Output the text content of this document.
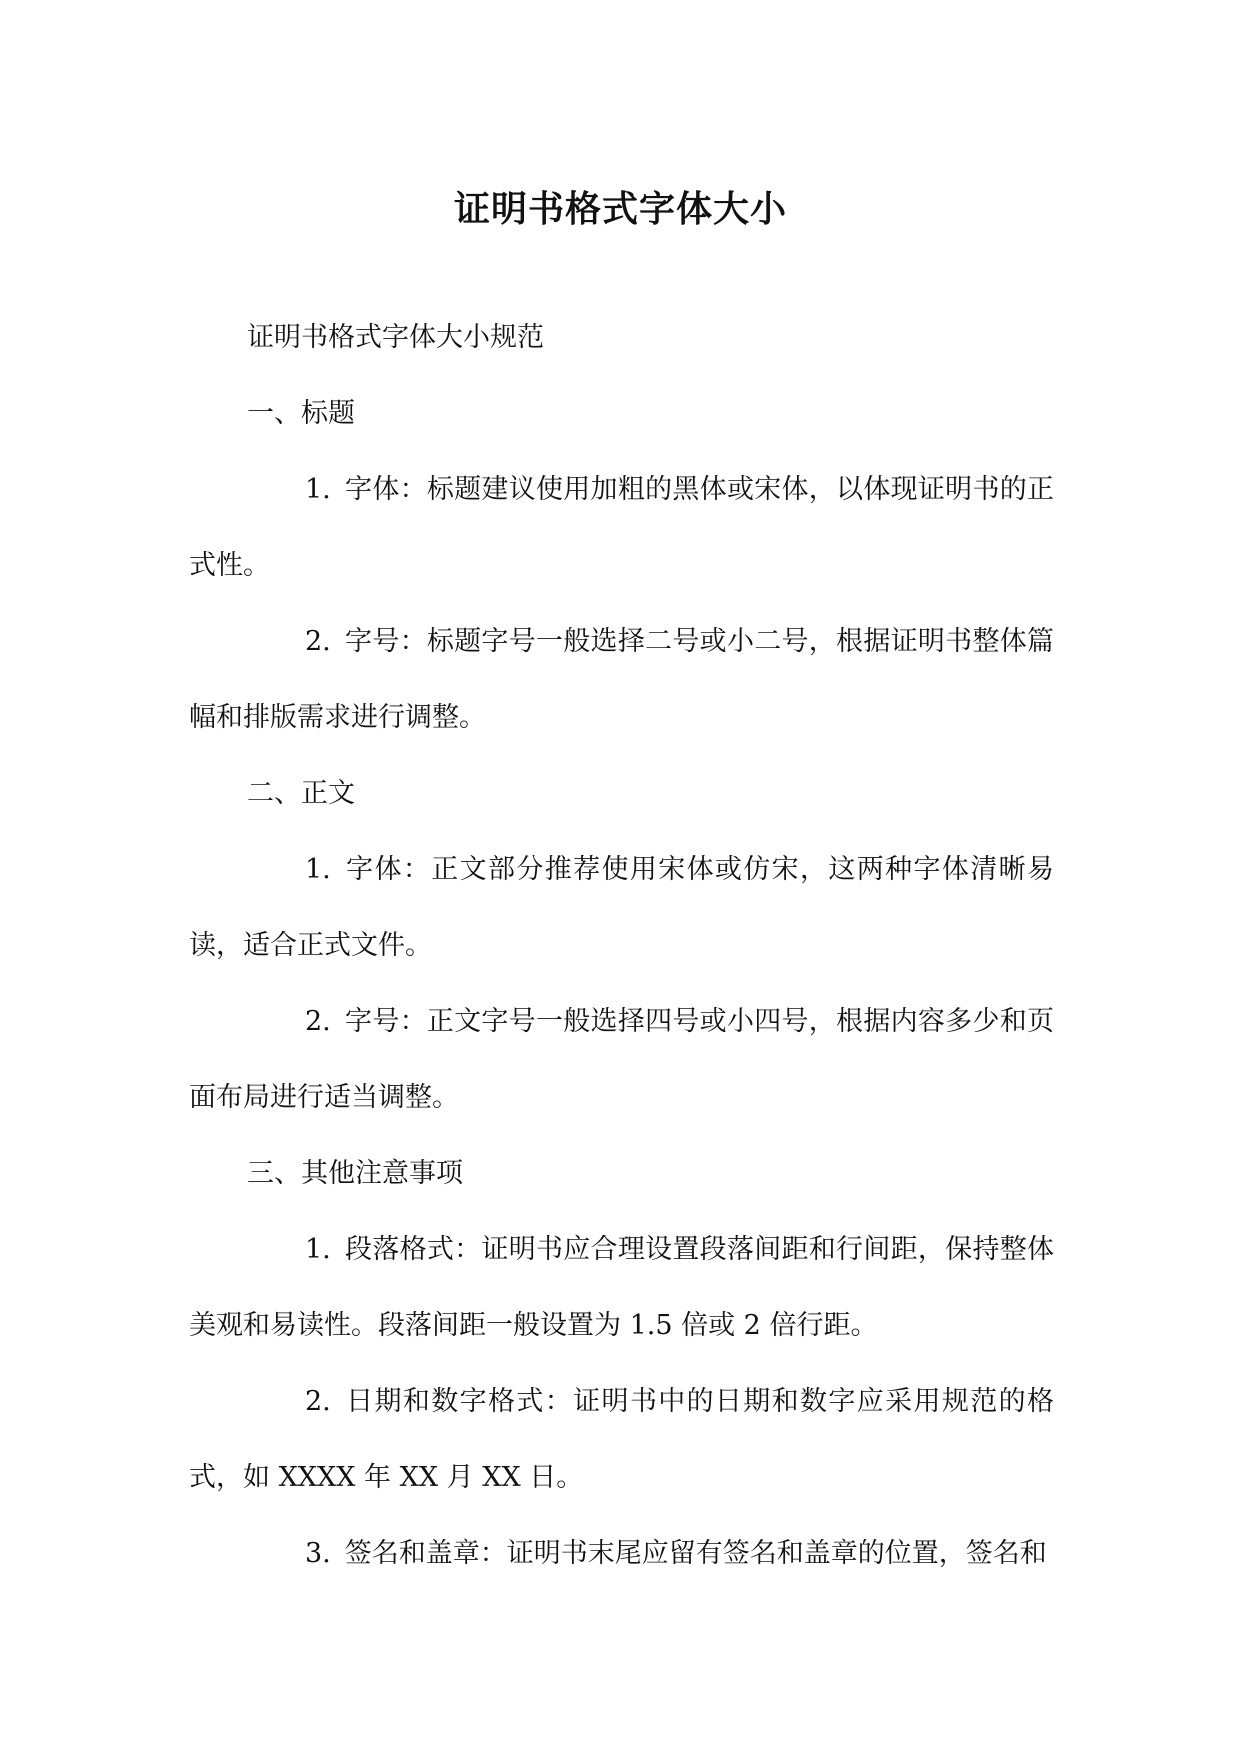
证明书格式字体大小

证明书格式字体大小规范

一、标题

1. 字体：标题建议使用加粗的黑体或宋体，以体现证明书的正式性。

2. 字号：标题字号一般选择二号或小二号，根据证明书整体篇幅和排版需求进行调整。

二、正文

1. 字体：正文部分推荐使用宋体或仿宋，这两种字体清晰易读，适合正式文件。

2. 字号：正文字号一般选择四号或小四号，根据内容多少和页面布局进行适当调整。

三、其他注意事项

1. 段落格式：证明书应合理设置段落间距和行间距，保持整体美观和易读性。段落间距一般设置为 1.5 倍或 2 倍行距。

2. 日期和数字格式：证明书中的日期和数字应采用规范的格式，如 XXXX 年 XX 月 XX 日。

3. 签名和盖章：证明书末尾应留有签名和盖章的位置，签名和
